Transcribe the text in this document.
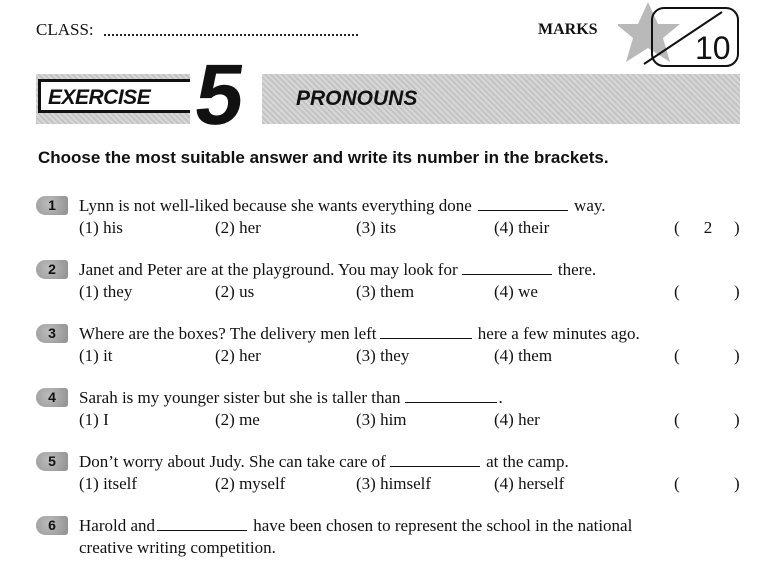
CLASS:	MARKS
10
EXERCISE 5 PRONOUNS
Choose the most suitable answer and write its number in the brackets.
1	Lynn is not well-liked because she wants everything done	way.
(1) his	(2) her	(3) its	(4) their	( 2 )
2	Janet and Peter are at the playground. You may look for	there.
(1) they	(2) us	(3) them	(4) we	(	)
3	Where are the boxes? The delivery men left	here a few minutes ago.
(1) it	(2) her	(3) they	(4) them	(	)
4	Sarah is my younger sister but she is taller than	.
(1) I	(2) me	(3) him	(4) her	(	)
5	Don’t worry about Judy. She can take care of	at the camp.
(1) itself	(2) myself	(3) himself	(4) herself	(	)
6	Harold and	have been chosen to represent the school in the national
creative writing competition.
